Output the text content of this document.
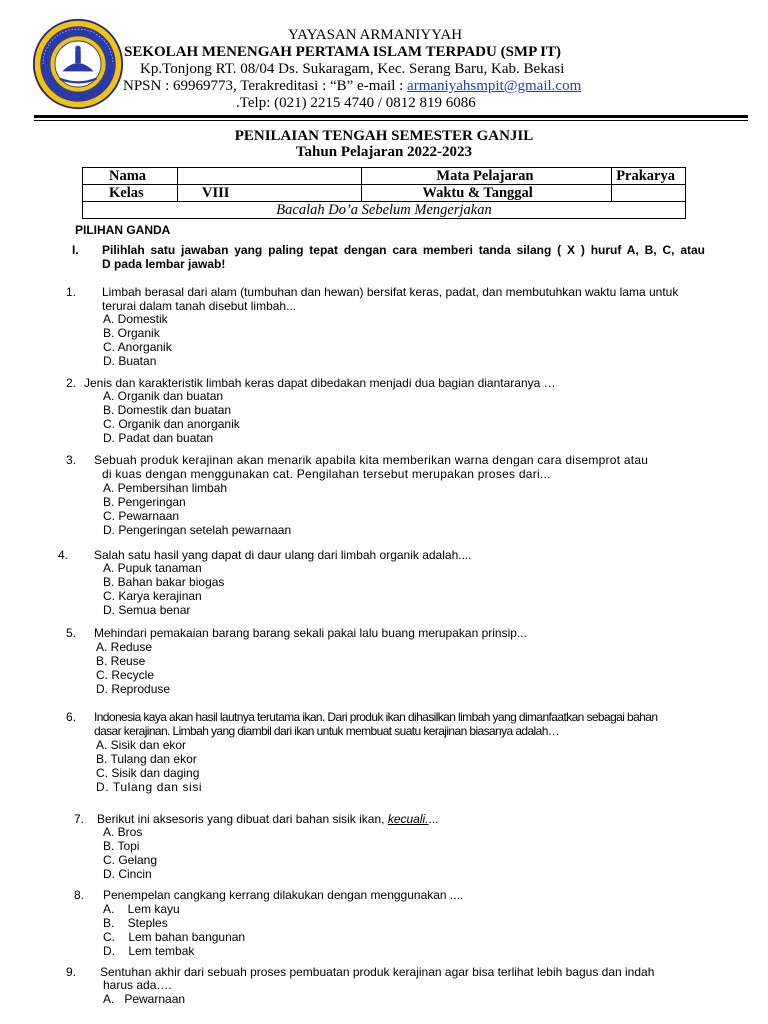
YAYASAN ARMANIYYAH
SEKOLAH MENENGAH PERTAMA ISLAM TERPADU (SMP IT)
Kp.Tonjong RT. 08/04 Ds. Sukaragam, Kec. Serang Baru, Kab. Bekasi
NPSN : 69969773, Terakreditasi : “B” e-mail : armaniyahsmpit@gmail.com
.Telp: (021) 2215 4740 / 0812 819 6086
PENILAIAN TENGAH SEMESTER GANJIL
Tahun Pelajaran 2022-2023
Nama		Mata Pelajaran	Prakarya
Kelas	VIII	Waktu & Tanggal	
Bacalah Do’a Sebelum Mengerjakan			
PILIHAN GANDA
I. Pilihlah satu jawaban yang paling tepat dengan cara memberi tanda silang ( X ) huruf A, B, C, atau
D pada lembar jawab!
1. Limbah berasal dari alam (tumbuhan dan hewan) bersifat keras, padat, dan membutuhkan waktu lama untuk
terurai dalam tanah disebut limbah...
A. Domestik
B. Organik
C. Anorganik
D. Buatan
2. Jenis dan karakteristik limbah keras dapat dibedakan menjadi dua bagian diantaranya …
A. Organik dan buatan
B. Domestik dan buatan
C. Organik dan anorganik
D. Padat dan buatan
3. Sebuah produk kerajinan akan menarik apabila kita memberikan warna dengan cara disemprot atau
di kuas dengan menggunakan cat. Pengilahan tersebut merupakan proses dari...
A. Pembersihan limbah
B. Pengeringan
C. Pewarnaan
D. Pengeringan setelah pewarnaan
4. Salah satu hasil yang dapat di daur ulang dari limbah organik adalah....
A. Pupuk tanaman
B. Bahan bakar biogas
C. Karya kerajinan
D. Semua benar
5. Mehindari pemakaian barang barang sekali pakai lalu buang merupakan prinsip...
A. Reduse
B. Reuse
C. Recycle
D. Reproduse
6. Indonesia kaya akan hasil lautnya terutama ikan. Dari produk ikan dihasilkan limbah yang dimanfaatkan sebagai bahan
dasar kerajinan. Limbah yang diambil dari ikan untuk membuat suatu kerajinan biasanya adalah…
A. Sisik dan ekor
B. Tulang dan ekor
C. Sisik dan daging
D. Tulang dan sisi
7. Berikut ini aksesoris yang dibuat dari bahan sisik ikan, kecuali....
A. Bros
B. Topi
C. Gelang
D. Cincin
8. Penempelan cangkang kerrang dilakukan dengan menggunakan ....
A.    Lem kayu
B.    Steples
C.    Lem bahan bangunan
D.    Lem tembak
9. Sentuhan akhir dari sebuah proses pembuatan produk kerajinan agar bisa terlihat lebih bagus dan indah
harus ada….
A.   Pewarnaan
